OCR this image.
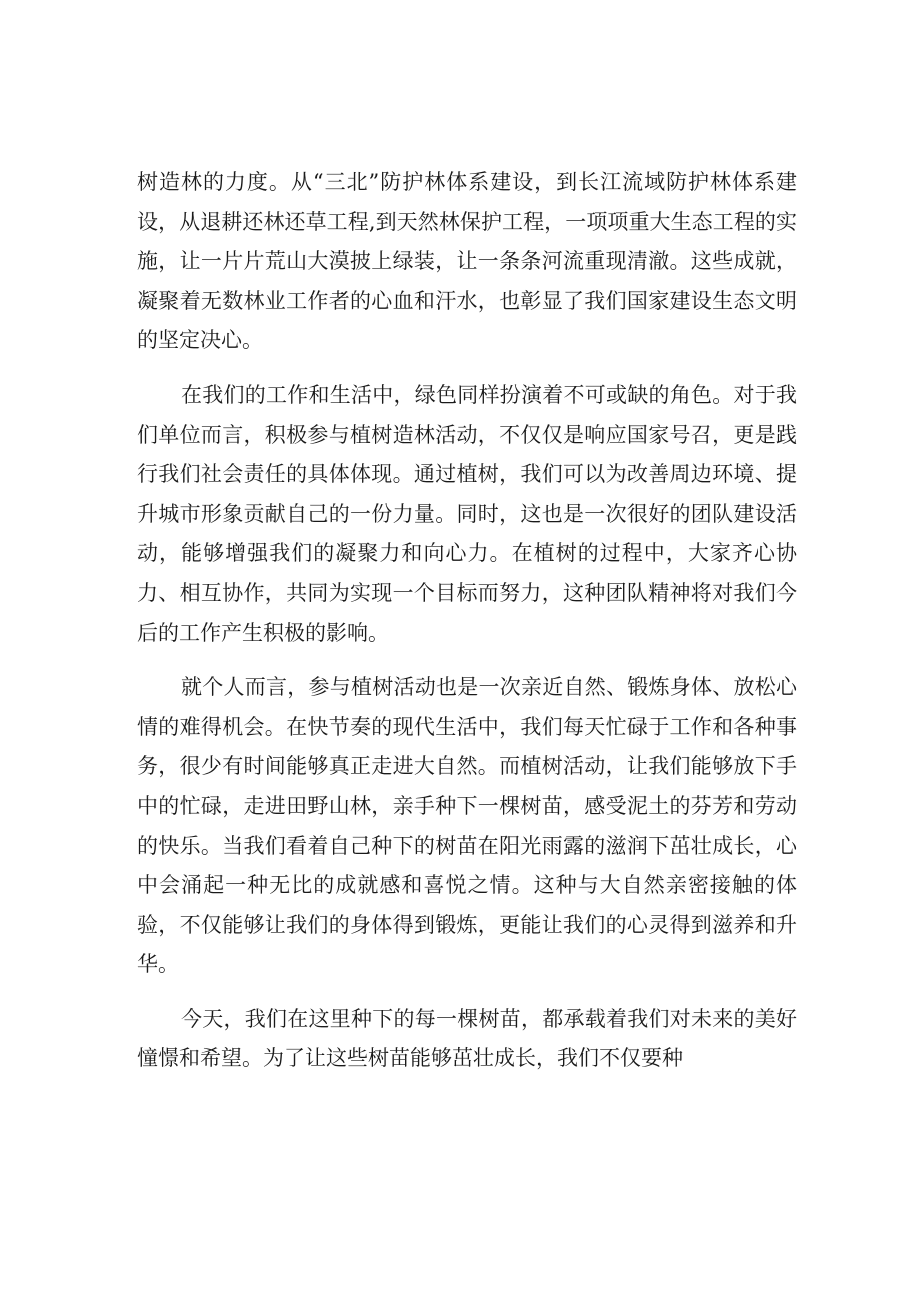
树造林的力度。从“三北”防护林体系建设，到长江流域防护林体系建设，从退耕还林还草工程,到天然林保护工程，一项项重大生态工程的实施，让一片片荒山大漠披上绿装，让一条条河流重现清澈。这些成就，凝聚着无数林业工作者的心血和汗水，也彰显了我们国家建设生态文明的坚定决心。

在我们的工作和生活中，绿色同样扮演着不可或缺的角色。对于我们单位而言，积极参与植树造林活动，不仅仅是响应国家号召，更是践行我们社会责任的具体体现。通过植树，我们可以为改善周边环境、提升城市形象贡献自己的一份力量。同时，这也是一次很好的团队建设活动，能够增强我们的凝聚力和向心力。在植树的过程中，大家齐心协力、相互协作，共同为实现一个目标而努力，这种团队精神将对我们今后的工作产生积极的影响。

就个人而言，参与植树活动也是一次亲近自然、锻炼身体、放松心情的难得机会。在快节奏的现代生活中，我们每天忙碌于工作和各种事务，很少有时间能够真正走进大自然。而植树活动，让我们能够放下手中的忙碌，走进田野山林，亲手种下一棵树苗，感受泥土的芬芳和劳动的快乐。当我们看着自己种下的树苗在阳光雨露的滋润下茁壮成长，心中会涌起一种无比的成就感和喜悦之情。这种与大自然亲密接触的体验，不仅能够让我们的身体得到锻炼，更能让我们的心灵得到滋养和升华。

今天，我们在这里种下的每一棵树苗，都承载着我们对未来的美好憧憬和希望。为了让这些树苗能够茁壮成长，我们不仅要种
